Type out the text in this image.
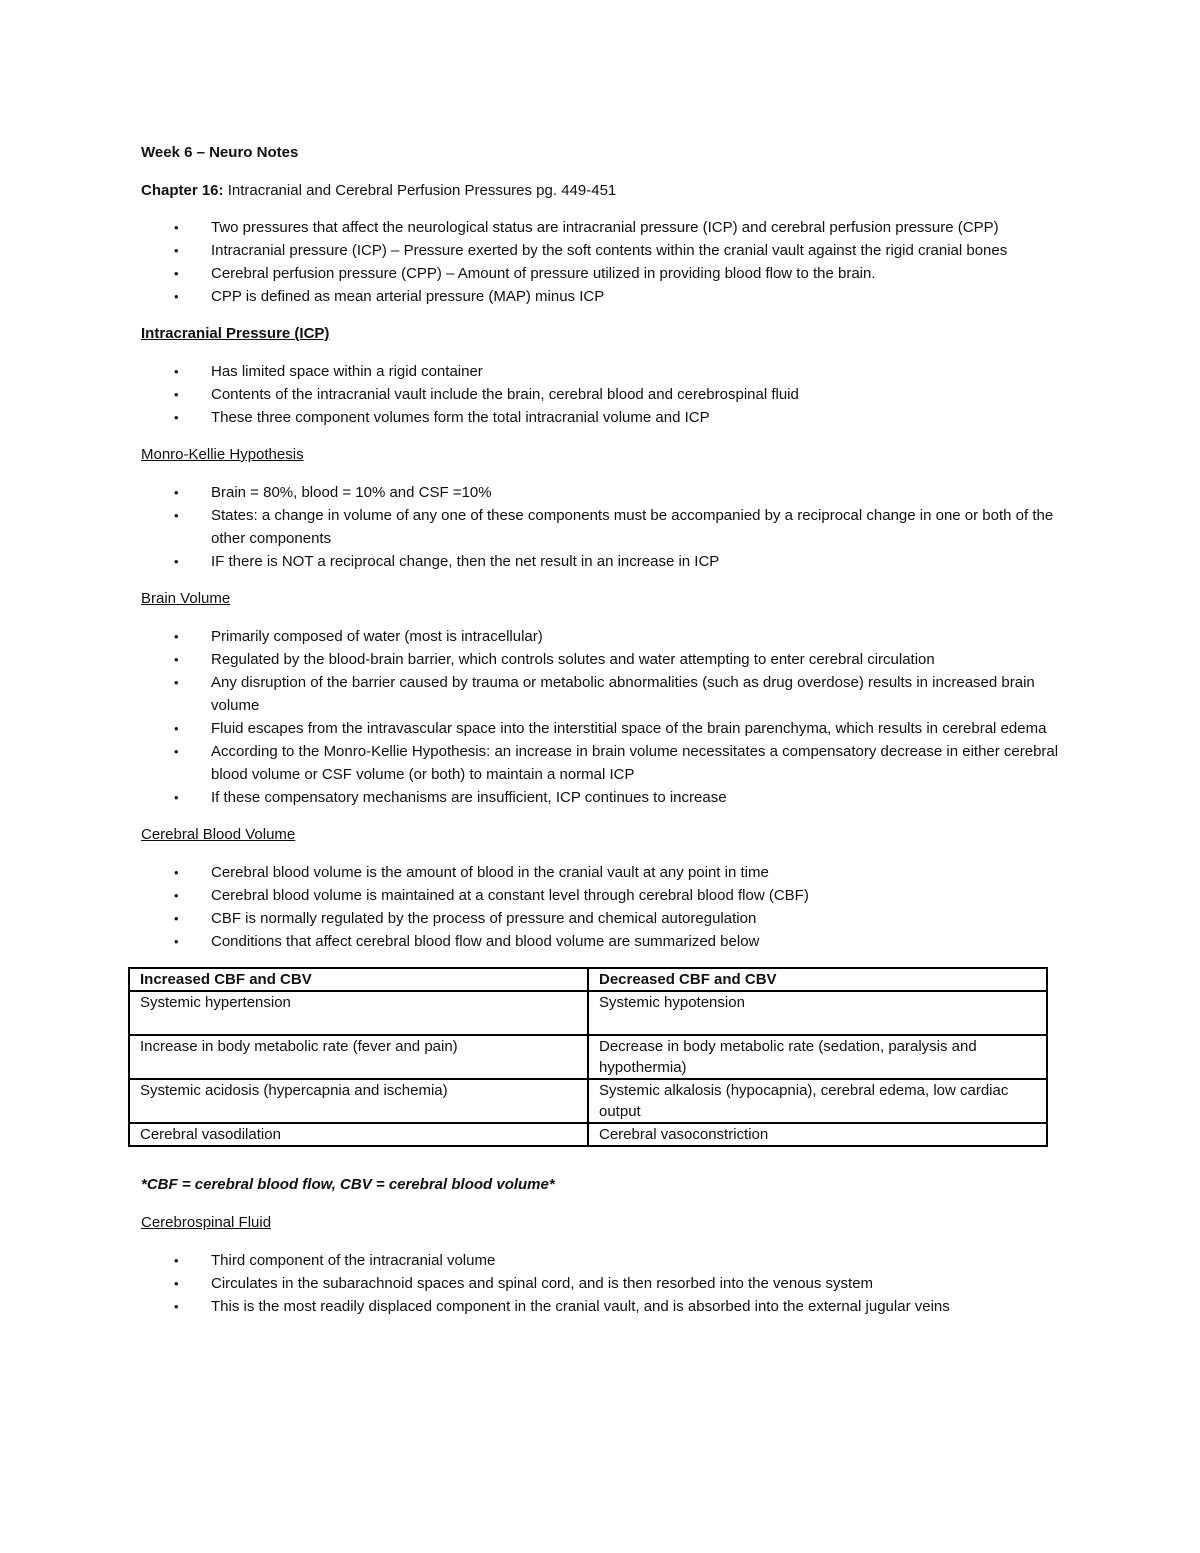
Week 6 – Neuro Notes
Chapter 16: Intracranial and Cerebral Perfusion Pressures pg. 449-451
• Two pressures that affect the neurological status are intracranial pressure (ICP) and cerebral perfusion pressure (CPP)
• Intracranial pressure (ICP) – Pressure exerted by the soft contents within the cranial vault against the rigid cranial bones
• Cerebral perfusion pressure (CPP) – Amount of pressure utilized in providing blood flow to the brain.
• CPP is defined as mean arterial pressure (MAP) minus ICP
Intracranial Pressure (ICP)
• Has limited space within a rigid container
• Contents of the intracranial vault include the brain, cerebral blood and cerebrospinal fluid
• These three component volumes form the total intracranial volume and ICP
Monro-Kellie Hypothesis
• Brain = 80%, blood = 10% and CSF =10%
• States: a change in volume of any one of these components must be accompanied by a reciprocal change in one or both of the other components
• IF there is NOT a reciprocal change, then the net result in an increase in ICP
Brain Volume
• Primarily composed of water (most is intracellular)
• Regulated by the blood-brain barrier, which controls solutes and water attempting to enter cerebral circulation
• Any disruption of the barrier caused by trauma or metabolic abnormalities (such as drug overdose) results in increased brain volume
• Fluid escapes from the intravascular space into the interstitial space of the brain parenchyma, which results in cerebral edema
• According to the Monro-Kellie Hypothesis: an increase in brain volume necessitates a compensatory decrease in either cerebral blood volume or CSF volume (or both) to maintain a normal ICP
• If these compensatory mechanisms are insufficient, ICP continues to increase
Cerebral Blood Volume
• Cerebral blood volume is the amount of blood in the cranial vault at any point in time
• Cerebral blood volume is maintained at a constant level through cerebral blood flow (CBF)
• CBF is normally regulated by the process of pressure and chemical autoregulation
• Conditions that affect cerebral blood flow and blood volume are summarized below
Increased CBF and CBV	Decreased CBF and CBV
Systemic hypertension	Systemic hypotension
Increase in body metabolic rate (fever and pain)	Decrease in body metabolic rate (sedation, paralysis and hypothermia)
Systemic acidosis (hypercapnia and ischemia)	Systemic alkalosis (hypocapnia), cerebral edema, low cardiac output
Cerebral vasodilation	Cerebral vasoconstriction
*CBF = cerebral blood flow, CBV = cerebral blood volume*
Cerebrospinal Fluid
• Third component of the intracranial volume
• Circulates in the subarachnoid spaces and spinal cord, and is then resorbed into the venous system
• This is the most readily displaced component in the cranial vault, and is absorbed into the external jugular veins
